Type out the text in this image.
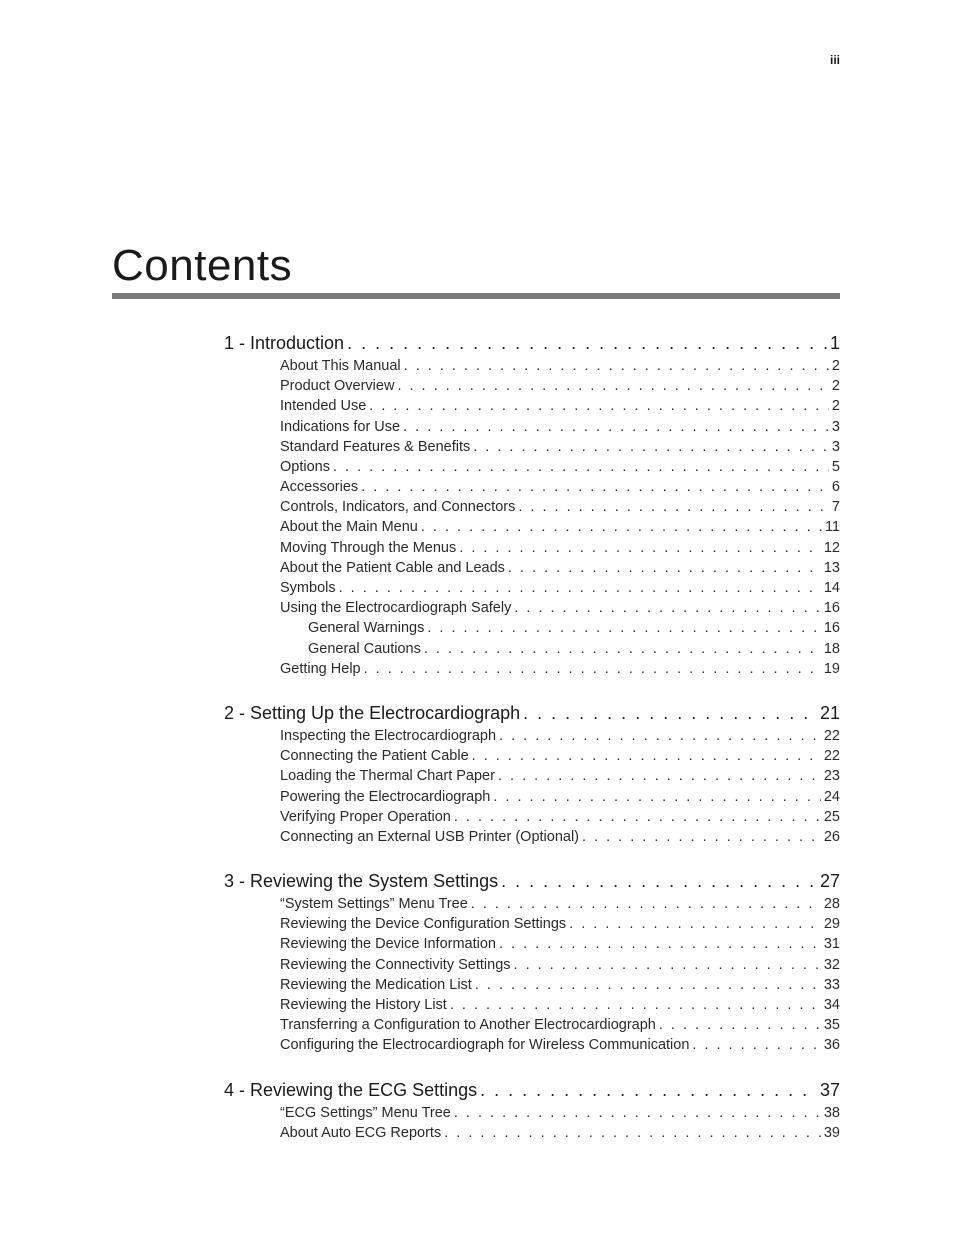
iii
Contents
1 - Introduction . . .	1
About This Manual . . .	2
Product Overview . . .	2
Intended Use . . .	2
Indications for Use . . .	3
Standard Features & Benefits . . .	3
Options . . .	5
Accessories . . .	6
Controls, Indicators, and Connectors . . .	7
About the Main Menu . . .	11
Moving Through the Menus . . .	12
About the Patient Cable and Leads . . .	13
Symbols . . .	14
Using the Electrocardiograph Safely . . .	16
General Warnings . . .	16
General Cautions . . .	18
Getting Help . . .	19
2 - Setting Up the Electrocardiograph . . .	21
Inspecting the Electrocardiograph . . .	22
Connecting the Patient Cable . . .	22
Loading the Thermal Chart Paper . . .	23
Powering the Electrocardiograph . . .	24
Verifying Proper Operation . . .	25
Connecting an External USB Printer (Optional) . . .	26
3 - Reviewing the System Settings . . .	27
“System Settings” Menu Tree . . .	28
Reviewing the Device Configuration Settings . . .	29
Reviewing the Device Information . . .	31
Reviewing the Connectivity Settings . . .	32
Reviewing the Medication List . . .	33
Reviewing the History List . . .	34
Transferring a Configuration to Another Electrocardiograph . . .	35
Configuring the Electrocardiograph for Wireless Communication . . .	36
4 - Reviewing the ECG Settings . . .	37
“ECG Settings” Menu Tree . . .	38
About Auto ECG Reports . . .	39
